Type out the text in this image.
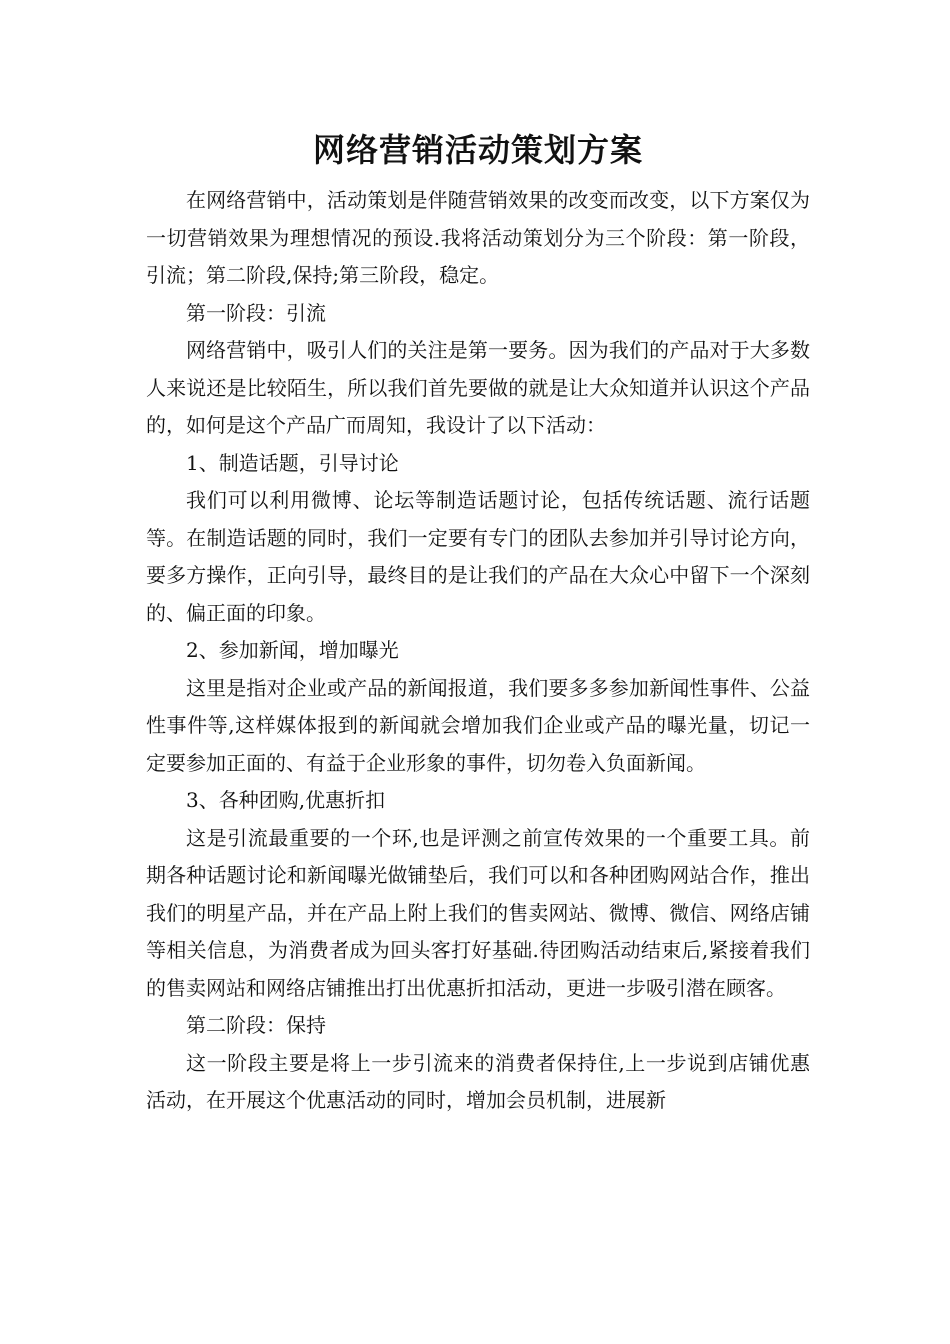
网络营销活动策划方案

在网络营销中，活动策划是伴随营销效果的改变而改变，以下方案仅为一切营销效果为理想情况的预设.我将活动策划分为三个阶段：第一阶段，引流；第二阶段,保持;第三阶段，稳定。

第一阶段：引流

网络营销中，吸引人们的关注是第一要务。因为我们的产品对于大多数人来说还是比较陌生，所以我们首先要做的就是让大众知道并认识这个产品的，如何是这个产品广而周知，我设计了以下活动：

1、制造话题，引导讨论

我们可以利用微博、论坛等制造话题讨论，包括传统话题、流行话题等。在制造话题的同时，我们一定要有专门的团队去参加并引导讨论方向，要多方操作，正向引导，最终目的是让我们的产品在大众心中留下一个深刻的、偏正面的印象。

2、参加新闻，增加曝光

这里是指对企业或产品的新闻报道，我们要多多参加新闻性事件、公益性事件等,这样媒体报到的新闻就会增加我们企业或产品的曝光量，切记一定要参加正面的、有益于企业形象的事件，切勿卷入负面新闻。

3、各种团购,优惠折扣

这是引流最重要的一个环,也是评测之前宣传效果的一个重要工具。前期各种话题讨论和新闻曝光做铺垫后，我们可以和各种团购网站合作，推出我们的明星产品，并在产品上附上我们的售卖网站、微博、微信、网络店铺等相关信息，为消费者成为回头客打好基础.待团购活动结束后,紧接着我们的售卖网站和网络店铺推出打出优惠折扣活动，更进一步吸引潜在顾客。

第二阶段：保持

这一阶段主要是将上一步引流来的消费者保持住,上一步说到店铺优惠活动，在开展这个优惠活动的同时，增加会员机制，进展新
